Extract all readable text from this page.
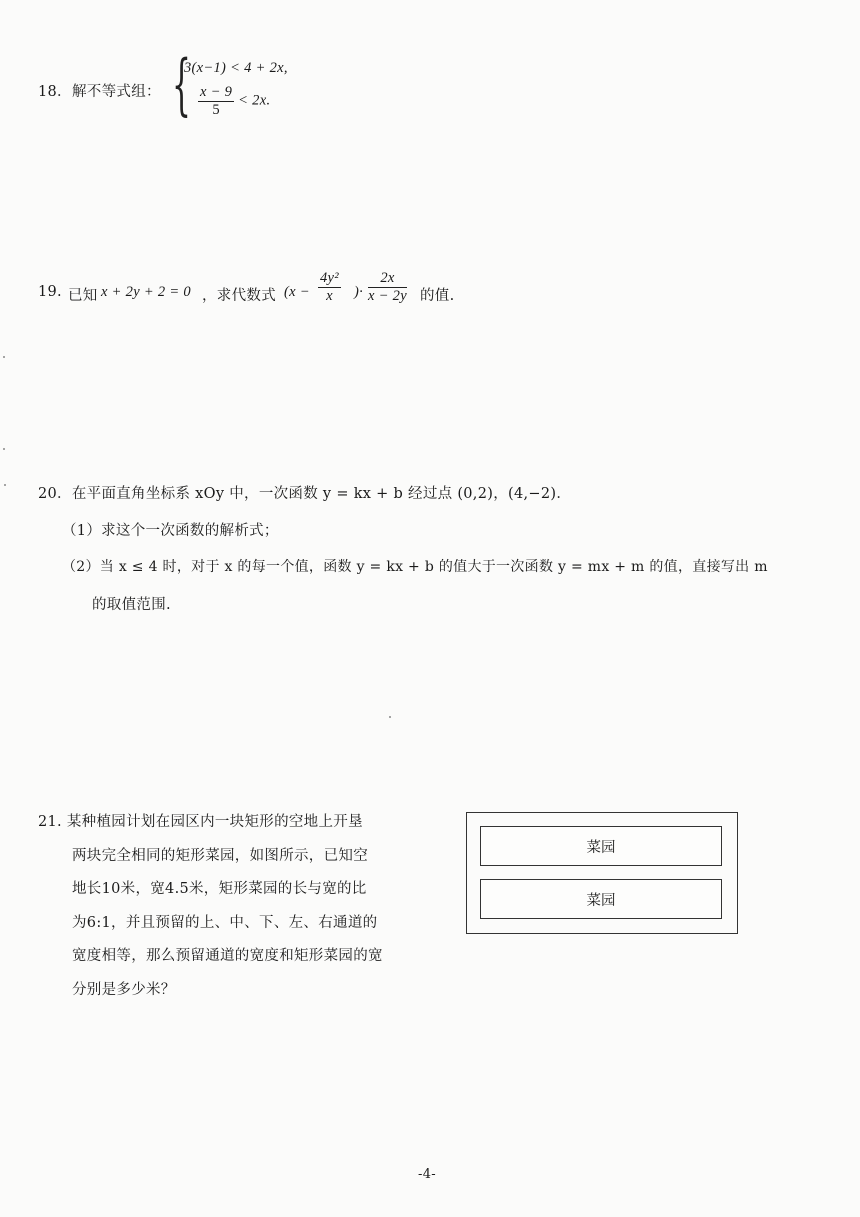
18． 解不等式组： {
3(x−1) < 4 + 2x,
$\frac{x - 9}{5} < 2x$.
19. 已知 x + 2y + 2 = 0 ，求代数式 ($x - \frac{\text{4y²}}{x}$ )· $\frac{2x}{x - 2y}$ 的值.
20．在平面直角坐标系 xOy 中，一次函数 y = kx + b 经过点 (0,2)，(4,−2)．
（1）求这个一次函数的解析式；
（2）当 x ≤ 4 时，对于 x 的每一个值，函数 y = kx + b 的值大于一次函数 y = mx + m 的值，直接写出 m
的取值范围.
21. 某种植园计划在园区内一块矩形的空地上开垦
两块完全相同的矩形菜园，如图所示，已知空
地长10米，宽4.5米，矩形菜园的长与宽的比
为6:1，并且预留的上、中、下、左、右通道的
宽度相等，那么预留通道的宽度和矩形菜园的宽
分别是多少米？
菜园
菜园
-4-
